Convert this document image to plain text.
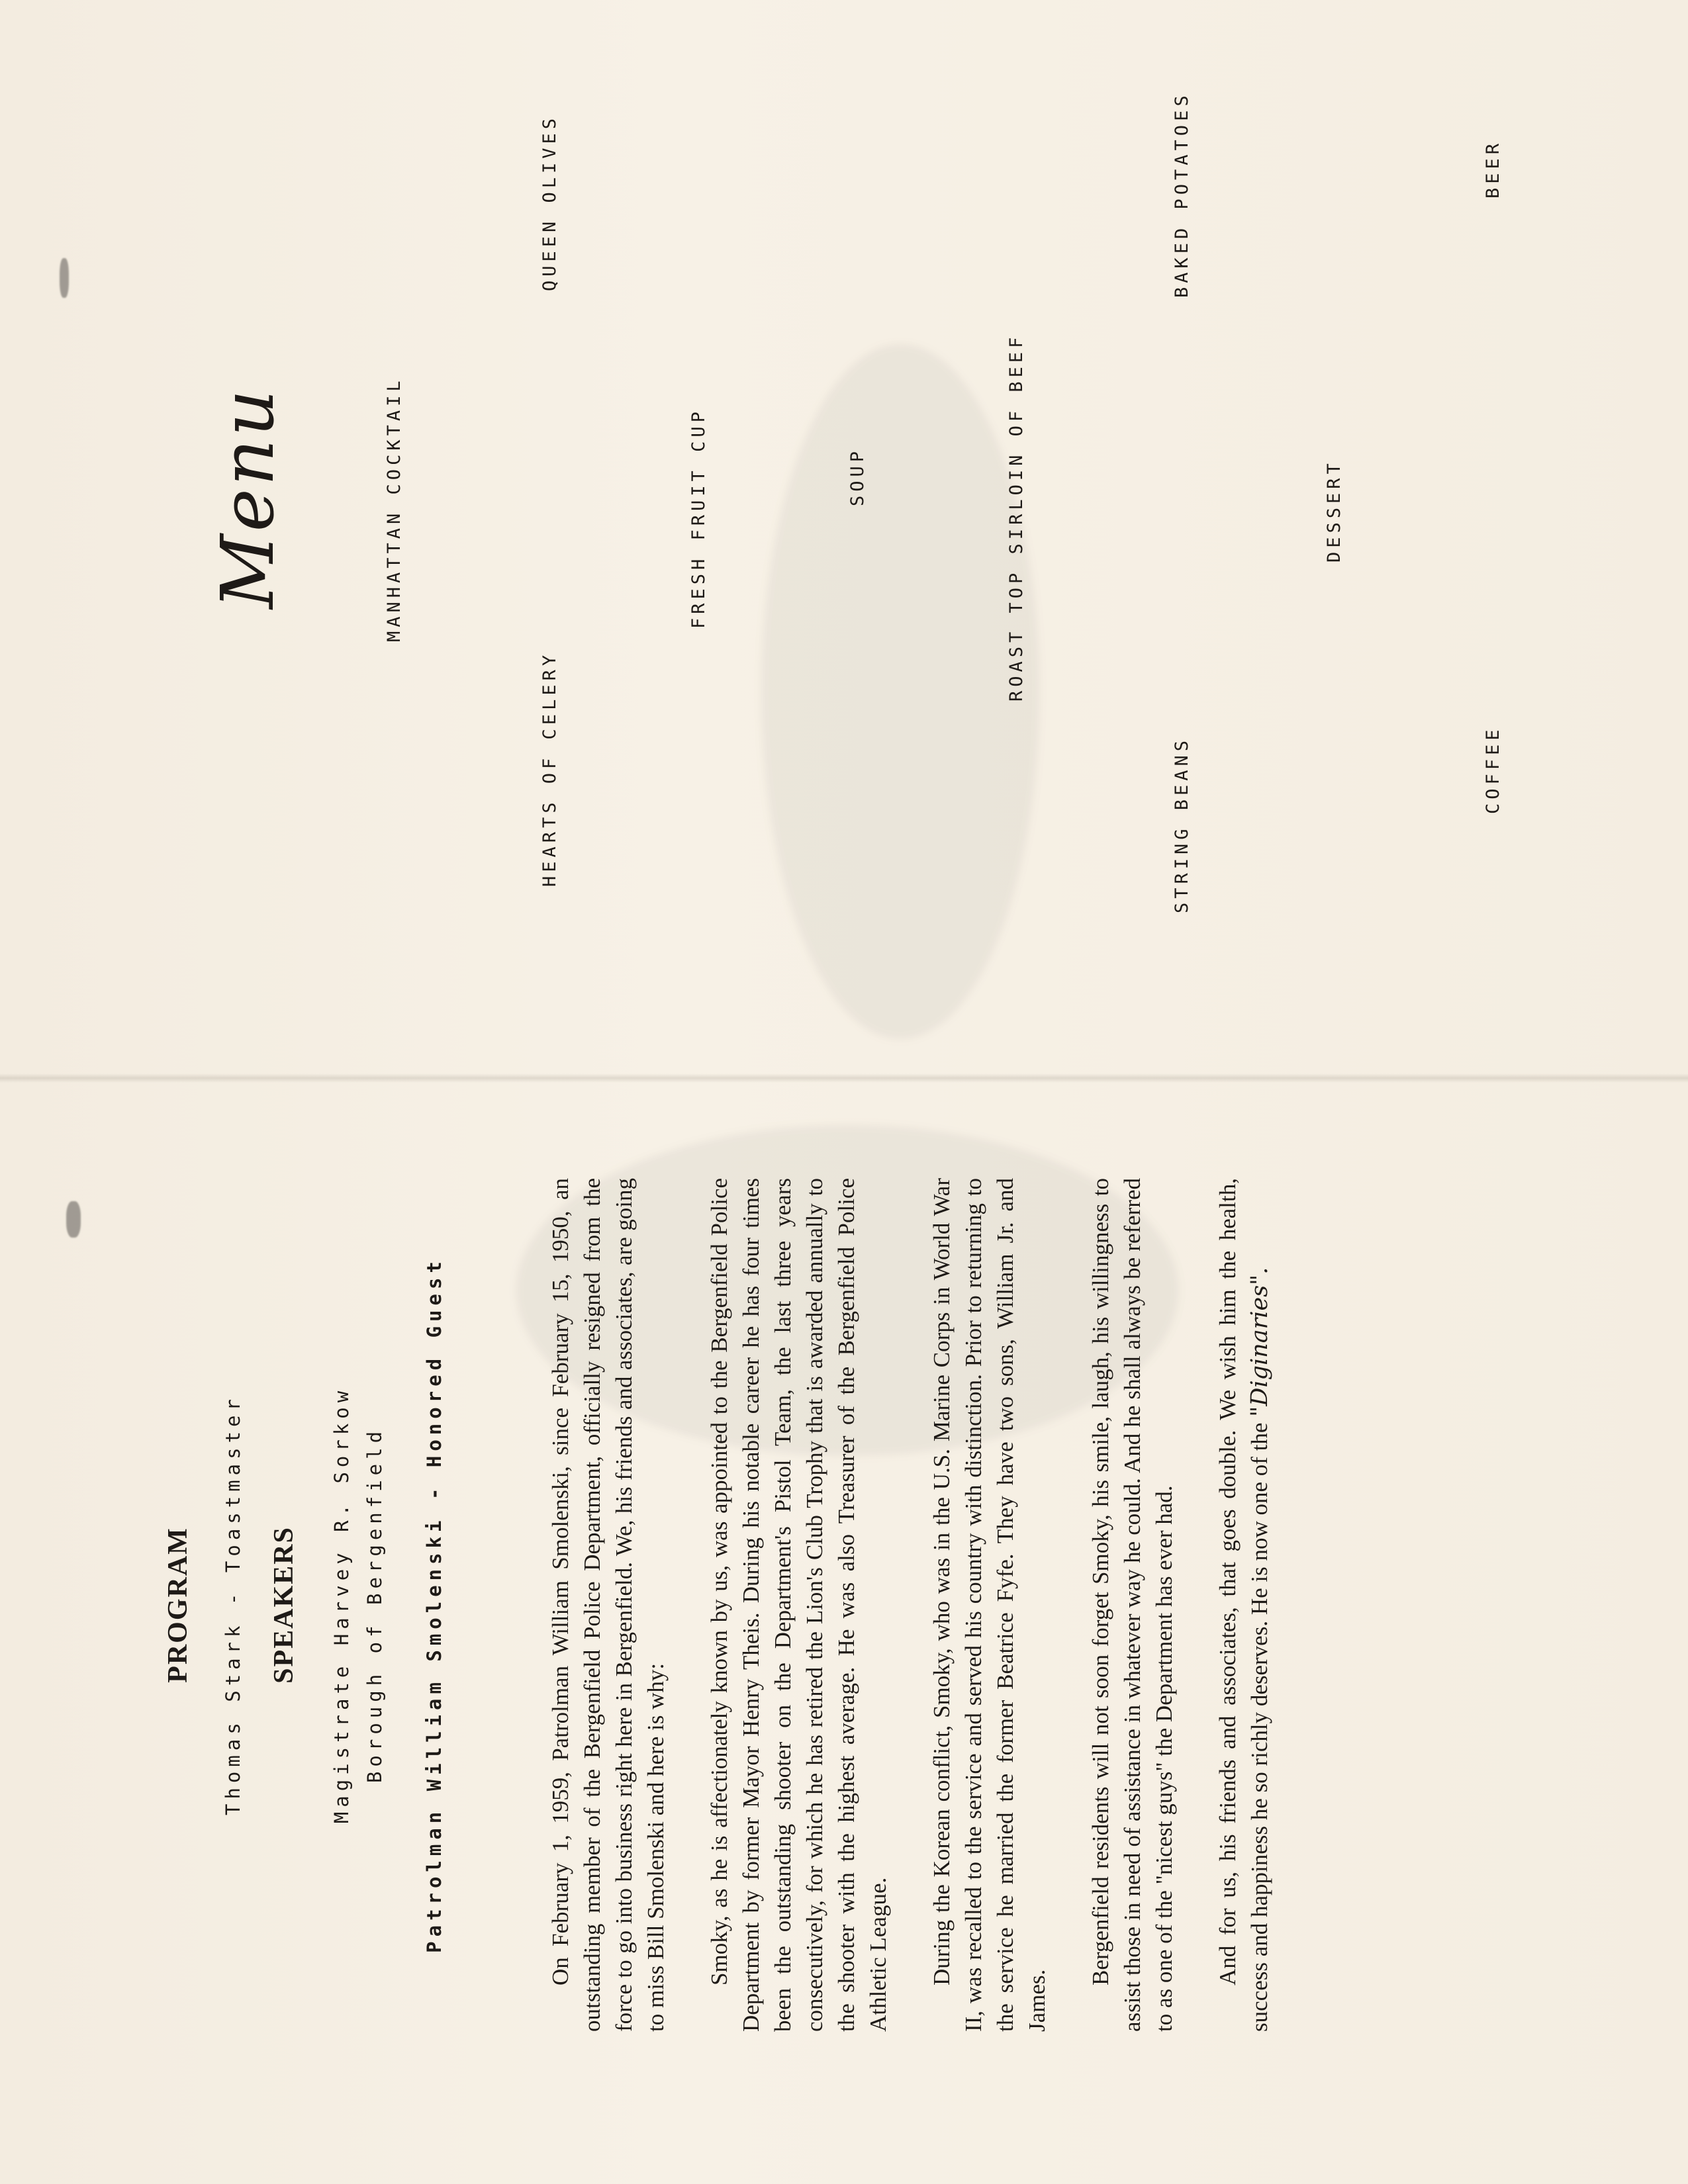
PROGRAM Thomas Stark - Toastmaster SPEAKERS Magistrate Harvey R. Sorkow Borough of Bergenfield Patrolman William Smolenski - Honored Guest	On February 1, 1959, Patrolman William Smolenski, since February 15, 1950, an outstanding member of the Bergenfield Police Department, officially resigned from the force to go into business right here in Bergenfield. We, his friends and associates, are going to miss Bill Smolenski and here is why: Smoky, as he is affectionately known by us, was appointed to the Bergenfield Police Department by former Mayor Henry Theis. During his notable career he has four times been the outstanding shooter on the Department's Pistol Team, the last three years consecutively, for which he has retired the Lion's Club Trophy that is awarded annually to the shooter with the highest average. He was also Treasurer of the Bergenfield Police Athletic League. During the Korean conflict, Smoky, who was in the U.S. Marine Corps in World War II, was recalled to the service and served his country with distinction. Prior to returning to the service he married the former Beatrice Fyfe. They have two sons, William Jr. and James.

Bergenfield residents will not soon forget Smoky, his smile, laugh, his willingness to assist those in need of assistance in whatever way he could. And he shall always be referred to as one of the "nicest guys" the Department has ever had. And for us, his friends and associates, that goes double. We wish him the health, success and happiness he so richly deserves. He is now one of the "Diginaries".

Menu	MANHATTAN COCKTAIL
HEARTS OF CELERY
QUEEN OLIVES
FRESH FRUIT CUP	SOUP	ROAST TOP SIRLOIN OF BEEF
STRING BEANS
BAKED POTATOES
DESSERT
COFFEE
BEER
